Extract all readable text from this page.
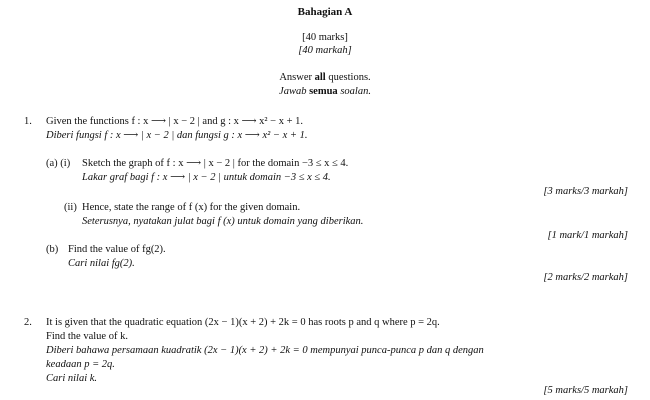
Bahagian A
[40 marks]
[40 markah]
Answer all questions.
Jawab semua soalan.
1. Given the functions f : x ⟶ | x − 2 | and g : x ⟶ x² − x + 1.
Diberi fungsi f : x ⟶ | x − 2 | dan fungsi g : x ⟶ x² − x + 1.
(a) (i) Sketch the graph of f : x ⟶ | x − 2 | for the domain −3 ≤ x ≤ 4.
Lakar graf bagi f : x ⟶ | x − 2 | untuk domain −3 ≤ x ≤ 4.
[3 marks/3 markah]
(ii) Hence, state the range of f (x) for the given domain.
Seterusnya, nyatakan julat bagi f (x) untuk domain yang diberikan.
[1 mark/1 markah]
(b) Find the value of fg(2).
Cari nilai fg(2).
[2 marks/2 markah]
2. It is given that the quadratic equation (2x − 1)(x + 2) + 2k = 0 has roots p and q where p = 2q.
Find the value of k.
Diberi bahawa persamaan kuadratik (2x − 1)(x + 2) + 2k = 0 mempunyai punca-punca p dan q dengan
keadaan p = 2q.
Cari nilai k.
[5 marks/5 markah]
